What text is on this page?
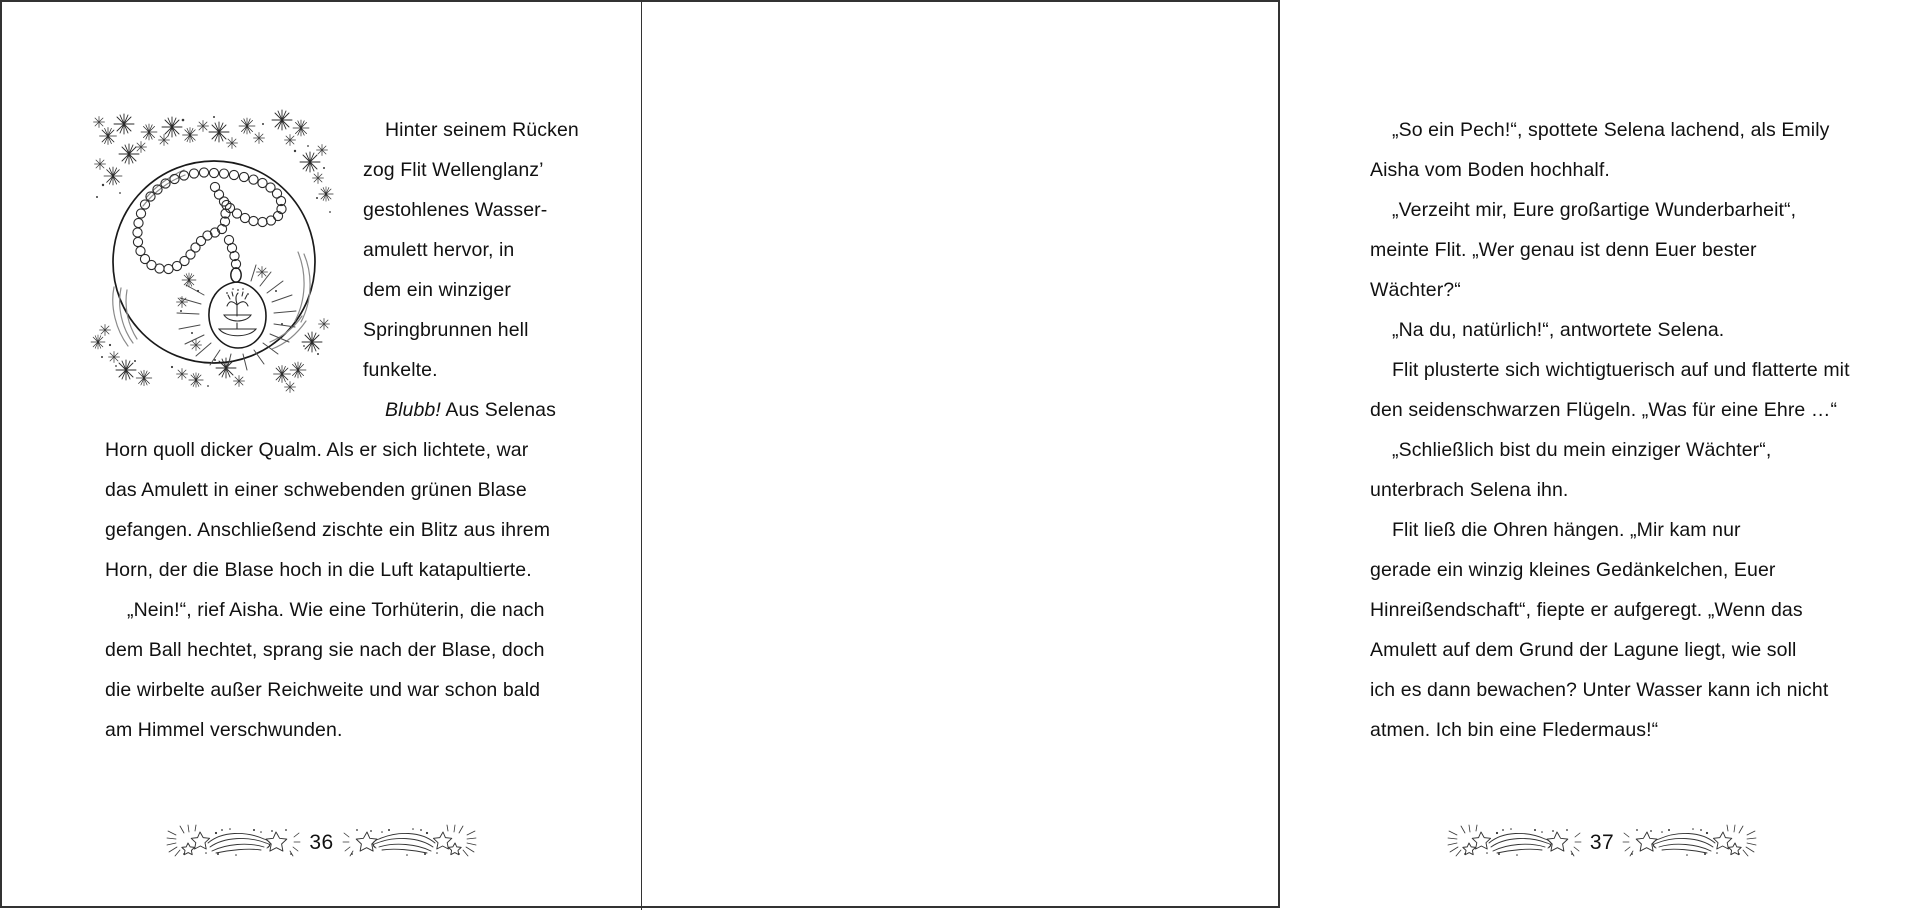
Hinter seinem Rücken
zog Flit Wellenglanz’
gestohlenes Wasser-
amulett hervor, in
dem ein winziger
Springbrunnen hell
funkelte.
Blubb! Aus Selenas
Horn quoll dicker Qualm. Als er sich lichtete, war
das Amulett in einer schwebenden grünen Blase
gefangen. Anschließend zischte ein Blitz aus ihrem
Horn, der die Blase hoch in die Luft katapultierte.
„Nein!“, rief Aisha. Wie eine Torhüterin, die nach
dem Ball hechtet, sprang sie nach der Blase, doch
die wirbelte außer Reichweite und war schon bald
am Himmel verschwunden.
36
„So ein Pech!“, spottete Selena lachend, als Emily
Aisha vom Boden hochhalf.
„Verzeiht mir, Eure großartige Wunderbarheit“,
meinte Flit. „Wer genau ist denn Euer bester
Wächter?“
„Na du, natürlich!“, antwortete Selena.
Flit plusterte sich wichtigtuerisch auf und flatterte mit
den seidenschwarzen Flügeln. „Was für eine Ehre …“
„Schließlich bist du mein einziger Wächter“,
unterbrach Selena ihn.
Flit ließ die Ohren hängen. „Mir kam nur
gerade ein winzig kleines Gedänkelchen, Euer
Hinreißendschaft“, fiepte er aufgeregt. „Wenn das
Amulett auf dem Grund der Lagune liegt, wie soll
ich es dann bewachen? Unter Wasser kann ich nicht
atmen. Ich bin eine Fledermaus!“
37
